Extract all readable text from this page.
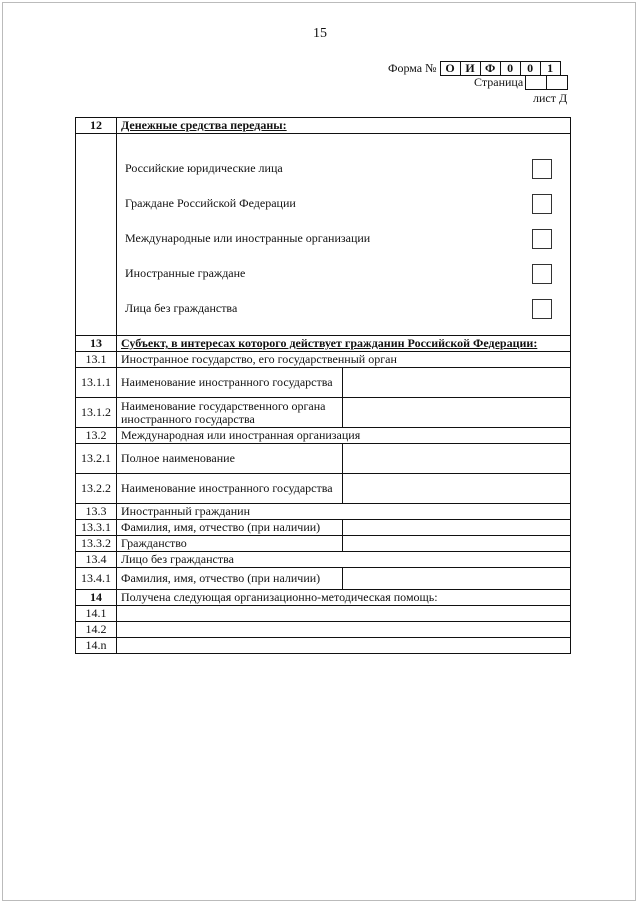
15
Форма № О И Ф 0	0	1
Страница
лист Д
12	Денежные средства переданы:	

	Российские юридические лица
Граждане Российской Федерации
Международные или иностранные организации
Иностранные граждане
Лица без гражданства	

13	Субъект, в интересах которого действует гражданин Российской Федерации:	
13.1	Иностранное государство, его государственный орган	
13.1.1	Наименование иностранного государства	
13.1.2	Наименование государственного органа иностранного государства	
13.2	Международная или иностранная организация	
13.2.1	Полное наименование	
13.2.2	Наименование иностранного государства	
13.3	Иностранный гражданин	
13.3.1	Фамилия, имя, отчество (при наличии)	
13.3.2	Гражданство	
13.4	Лицо без гражданства	
13.4.1	Фамилия, имя, отчество (при наличии)	
14	Получена следующая организационно-методическая помощь:	
14.1		
14.2		
14.n		
